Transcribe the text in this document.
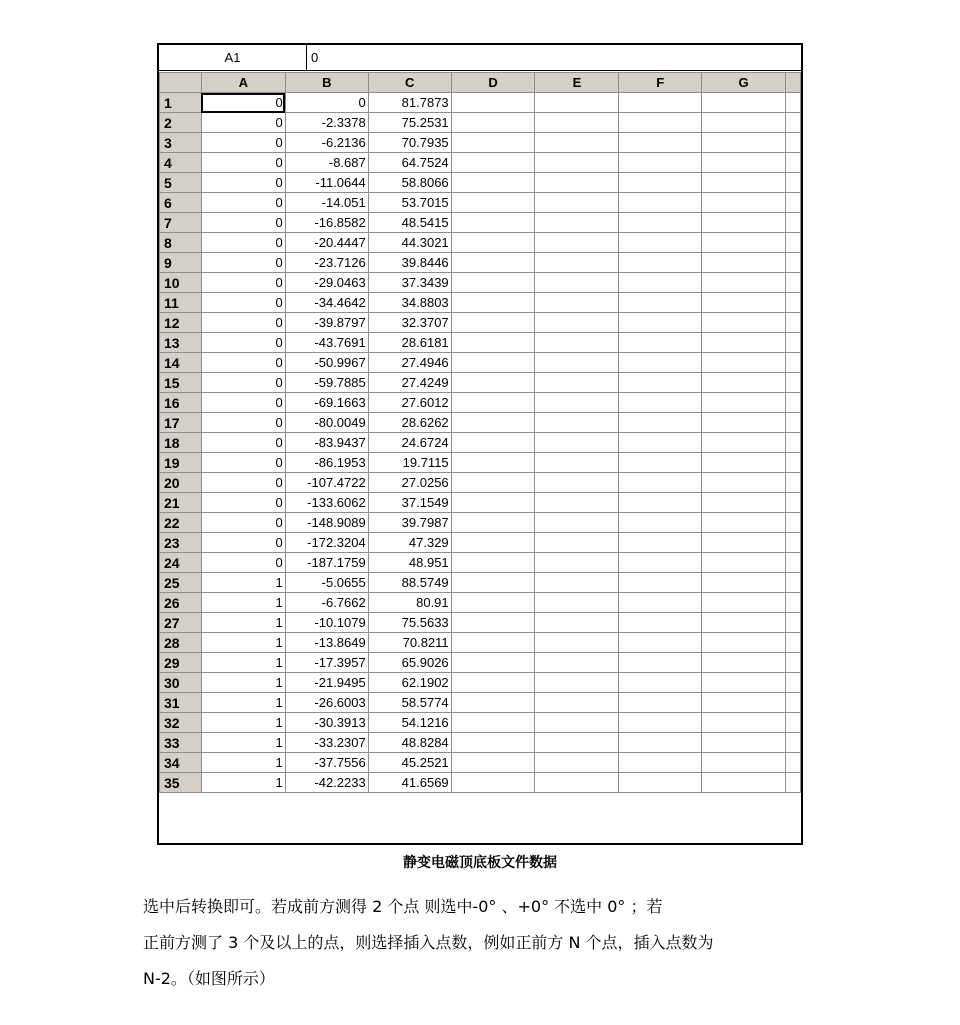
A1	0
	A	B	C	D	E	F	G	
1	0	0	81.7873					
2	0	-2.3378	75.2531					
3	0	-6.2136	70.7935					
4	0	-8.687	64.7524					
5	0	-11.0644	58.8066					
6	0	-14.051	53.7015					
7	0	-16.8582	48.5415					
8	0	-20.4447	44.3021					
9	0	-23.7126	39.8446					
10	0	-29.0463	37.3439					
11	0	-34.4642	34.8803					
12	0	-39.8797	32.3707					
13	0	-43.7691	28.6181					
14	0	-50.9967	27.4946					
15	0	-59.7885	27.4249					
16	0	-69.1663	27.6012					
17	0	-80.0049	28.6262					
18	0	-83.9437	24.6724					
19	0	-86.1953	19.7115					
20	0	-107.4722	27.0256					
21	0	-133.6062	37.1549					
22	0	-148.9089	39.7987					
23	0	-172.3204	47.329					
24	0	-187.1759	48.951					
25	1	-5.0655	88.5749					
26	1	-6.7662	80.91					
27	1	-10.1079	75.5633					
28	1	-13.8649	70.8211					
29	1	-17.3957	65.9026					
30	1	-21.9495	62.1902					
31	1	-26.6003	58.5774					
32	1	-30.3913	54.1216					
33	1	-33.2307	48.8284					
34	1	-37.7556	45.2521					
35	1	-42.2233	41.6569					
静变电磁顶底板文件数据
选中后转换即可。若成前方测得 2 个点 则选中-0° 、+0° 不选中 0° ；若
正前方测了 3 个及以上的点，则选择插入点数，例如正前方 N 个点，插入点数为
N-2。（如图所示）
